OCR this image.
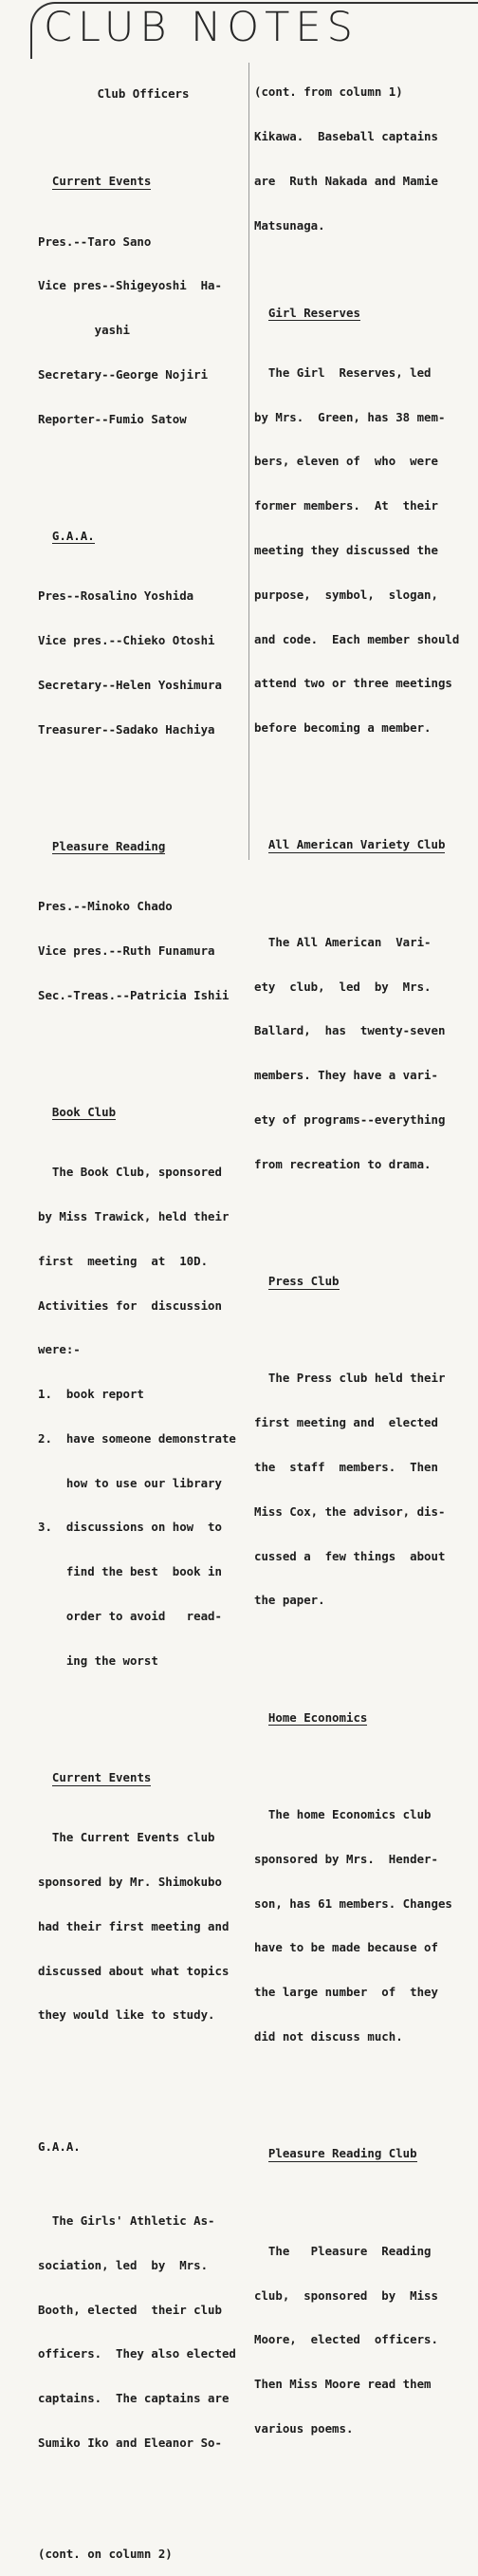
CLUB NOTES

Club Officers

Current Events

Pres.--Taro Sano

Vice pres--Shigeyoshi  Ha-

yashi

Secretary--George Nojiri

Reporter--Fumio Satow

G.A.A.

Pres--Rosalino Yoshida

Vice pres.--Chieko Otoshi

Secretary--Helen Yoshimura

Treasurer--Sadako Hachiya

Pleasure Reading

Pres.--Minoko Chado

Vice pres.--Ruth Funamura

Sec.-Treas.--Patricia Ishii

Book Club

The Book Club, sponsored

by Miss Trawick, held their

first  meeting  at  10D.

Activities for  discussion

were:-

1.  book report

2.  have someone demonstrate

how to use our library

3.  discussions on how  to

find the best  book in

order to avoid   read-

ing the worst

Current Events

The Current Events club

sponsored by Mr. Shimokubo

had their first meeting and

discussed about what topics

they would like to study.

G.A.A.

The Girls' Athletic As-

sociation, led  by  Mrs.

Booth, elected  their club

officers.  They also elected

captains.  The captains are

Sumiko Iko and Eleanor So-

(cont. on column 2)

(cont. from column 1)

Kikawa.  Baseball captains

are  Ruth Nakada and Mamie

Matsunaga.

Girl Reserves

The Girl  Reserves, led

by Mrs.  Green, has 38 mem-

bers, eleven of  who  were

former members.  At  their

meeting they discussed the

purpose,  symbol,  slogan,

and code.  Each member should

attend two or three meetings

before becoming a member.

All American Variety Club

The All American  Vari-

ety  club,  led  by  Mrs.

Ballard,  has  twenty-seven

members. They have a vari-

ety of programs--everything

from recreation to drama.

Press Club

The Press club held their

first meeting and  elected

the  staff  members.  Then

Miss Cox, the advisor, dis-

cussed a  few things  about

the paper.

Home Economics

The home Economics club

sponsored by Mrs.  Hender-

son, has 61 members. Changes

have to be made because of

the large number  of  they

did not discuss much.

Pleasure Reading Club

The   Pleasure  Reading

club,  sponsored  by  Miss

Moore,  elected  officers.

Then Miss Moore read them

various poems.
